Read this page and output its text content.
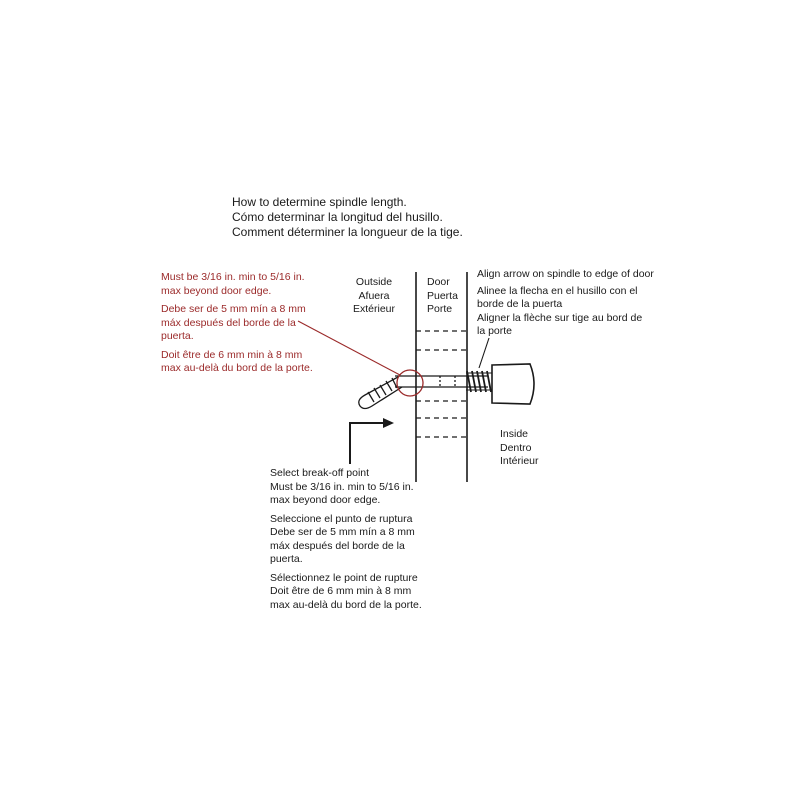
How to determine spindle length.
Cómo determinar la longitud del husillo.
Comment déterminer la longueur de la tige.
Must be 3/16 in. min to 5/16 in.
max beyond door edge.
Debe ser de 5 mm mín a 8 mm
máx después del borde de la
puerta.
Doit être de 6 mm min à 8 mm
max au-delà du bord de la porte.
Outside
Afuera
Extérieur
Door
Puerta
Porte
Align arrow on spindle to edge of door
Alinee la flecha en el husillo con el
borde de la puerta
Aligner la flèche sur tige au bord de
la porte
Inside
Dentro
Intérieur
Select break-off point
Must be 3/16 in. min to 5/16 in.
max beyond door edge.
Seleccione el punto de ruptura
Debe ser de 5 mm mín a 8 mm
máx después del borde de la
puerta.
Sélectionnez le point de rupture
Doit être de 6 mm min à 8 mm
max au-delà du bord de la porte.
